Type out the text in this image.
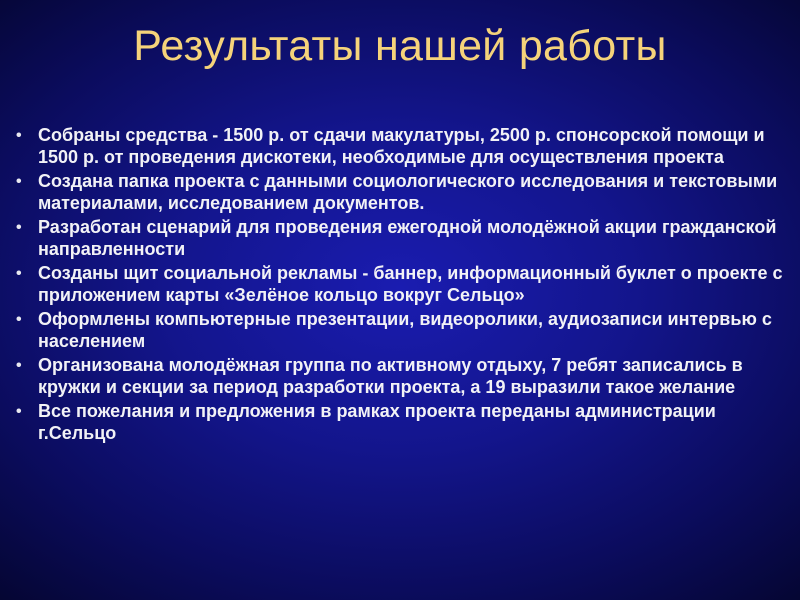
Результаты нашей работы
• Собраны средства - 1500 р. от сдачи макулатуры, 2500 р. спонсорской помощи и 1500 р. от проведения дискотеки, необходимые для осуществления проекта
• Создана папка проекта с данными социологического исследования и текстовыми материалами, исследованием документов.
• Разработан сценарий для проведения ежегодной молодёжной акции гражданской направленности
• Созданы щит социальной рекламы - баннер, информационный буклет о проекте с приложением карты «Зелёное кольцо вокруг Сельцо»
• Оформлены компьютерные презентации, видеоролики, аудиозаписи интервью с населением
• Организована молодёжная группа по активному отдыху, 7 ребят записались в кружки и секции за период разработки проекта, а 19 выразили такое желание
• Все пожелания и предложения в рамках проекта переданы администрации г.Сельцо
